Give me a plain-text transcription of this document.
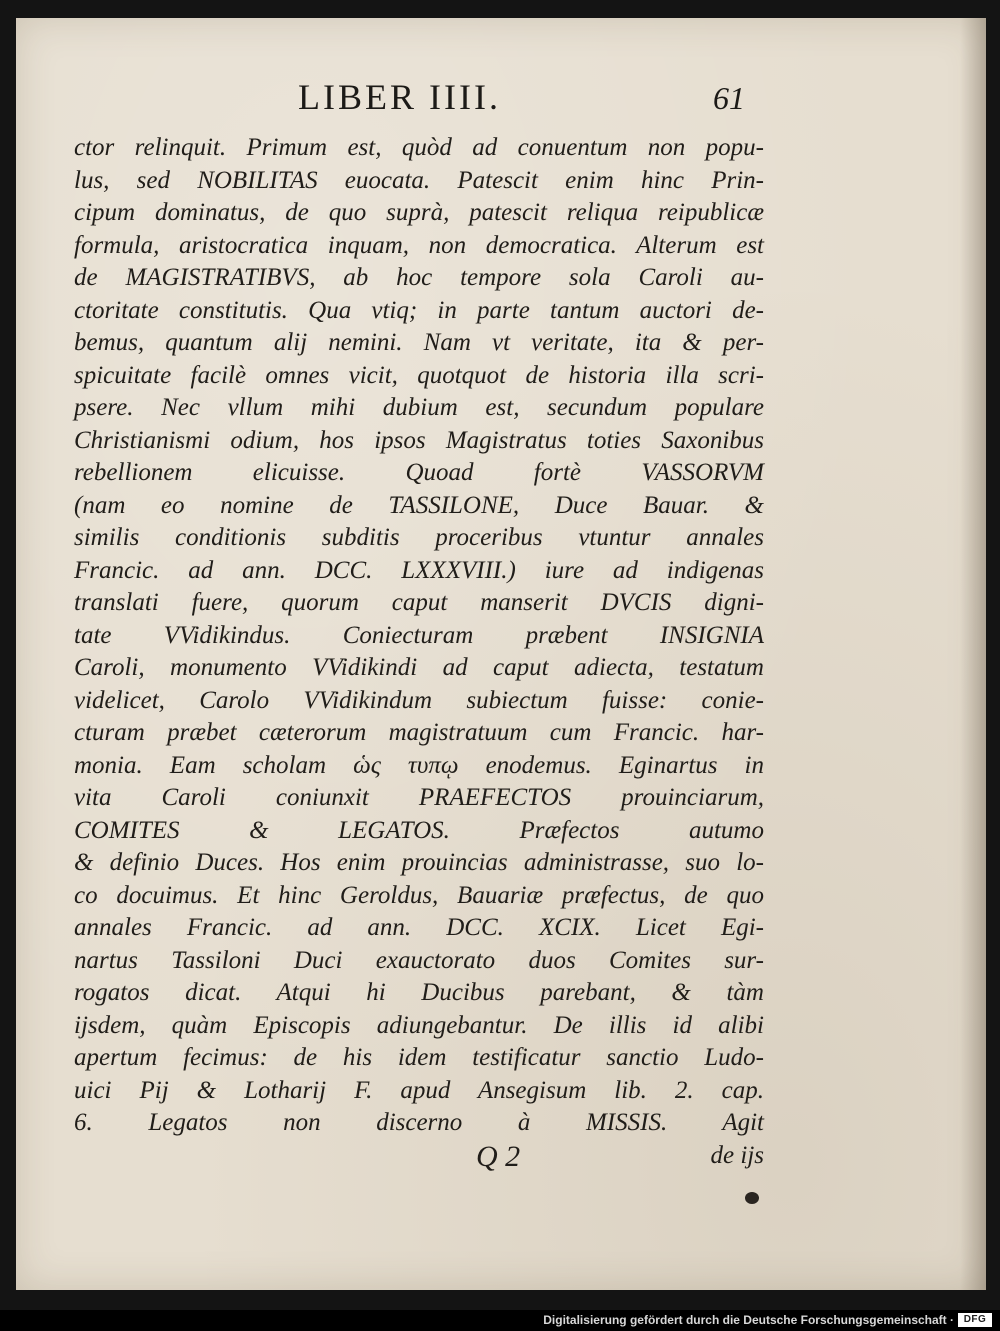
LIBER IIII.	61
ctor relinquit. Primum est, quòd ad conuentum non popu-
lus, sed NOBILITAS euocata. Patescit enim hinc Prin-
cipum dominatus, de quo suprà, patescit reliqua reipublicæ
formula, aristocratica inquam, non democratica. Alterum est
de MAGISTRATIBVS, ab hoc tempore sola Caroli au-
ctoritate constitutis. Qua vtiq; in parte tantum auctori de-
bemus, quantum alij nemini. Nam vt veritate, ita & per-
spicuitate facilè omnes vicit, quotquot de historia illa scri-
psere. Nec vllum mihi dubium est, secundum populare
Christianismi odium, hos ipsos Magistratus toties Saxonibus
rebellionem elicuisse. Quoad fortè VASSORVM
(nam eo nomine de TASSILONE, Duce Bauar. &
similis conditionis subditis proceribus vtuntur annales
Francic. ad ann. DCC. LXXXVIII.) iure ad indigenas
translati fuere, quorum caput manserit DVCIS digni-
tate VVidikindus. Coniecturam præbent INSIGNIA
Caroli, monumento VVidikindi ad caput adiecta, testatum
videlicet, Carolo VVidikindum subiectum fuisse: conie-
cturam præbet cæterorum magistratuum cum Francic. har-
monia. Eam scholam ὡς τυπῳ enodemus. Eginartus in
vita Caroli coniunxit PRAEFECTOS prouinciarum,
COMITES & LEGATOS. Præfectos autumo
& definio Duces. Hos enim prouincias administrasse, suo lo-
co docuimus. Et hinc Geroldus, Bauariæ præfectus, de quo
annales Francic. ad ann. DCC. XCIX. Licet Egi-
nartus Tassiloni Duci exauctorato duos Comites sur-
rogatos dicat. Atqui hi Ducibus parebant, & tàm
ijsdem, quàm Episcopis adiungebantur. De illis id alibi
apertum fecimus: de his idem testificatur sanctio Ludo-
uici Pij & Lotharij F. apud Ansegisum lib. 2. cap.
6. Legatos non discerno à MISSIS. Agit
Q 2	de ijs
Digitalisierung gefördert durch die Deutsche Forschungsgemeinschaft · DFG
